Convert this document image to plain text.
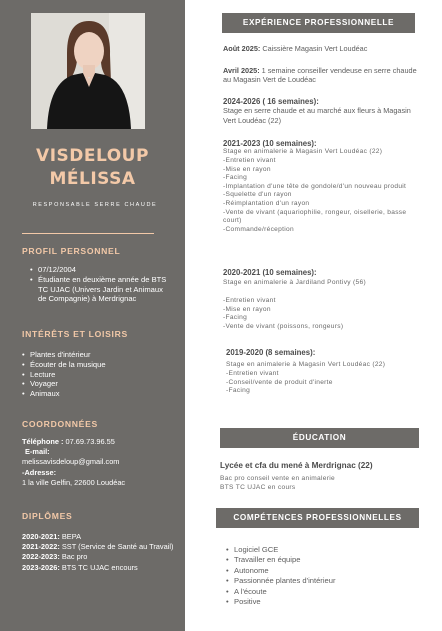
VISDELOUP
MÉLISSA
RESPONSABLE SERRE CHAUDE
PROFIL PERSONNEL
• 07/12/2004
• Étudiante en deuxième année de BTS TC UJAC (Univers Jardin et Animaux de Compagnie) à Merdrignac
INTÉRÊTS ET LOISIRS
• Plantes d'intérieur
• Écouter de la musique
• Lecture
• Voyager
• Animaux
COORDONNÉES
Téléphone : 07.69.73.96.55
E-mail:
melissavisdeloup@gmail.com
-Adresse:
1 la ville Gelfin, 22600 Loudéac
DIPLÔMES
2020-2021: BEPA
2021-2022: SST (Service de Santé au Travail)
2022-2023: Bac pro
2023-2026: BTS TC UJAC encours
EXPÉRIENCE PROFESSIONNELLE
Août 2025: Caissière Magasin Vert Loudéac
Avril 2025: 1 semaine conseiller vendeuse en serre chaude au Magasin Vert de Loudéac
2024-2026 ( 16 semaines):
Stage en serre chaude et au marché aux fleurs à Magasin Vert Loudéac (22)
2021-2023 (10 semaines):
Stage en animalerie à Magasin Vert Loudéac (22)
-Entretien vivant
-Mise en rayon
-Facing
-Implantation d'une tête de gondole/d'un nouveau produit
-Squelette d'un rayon
-Réimplantation d'un rayon
-Vente de vivant (aquariophilie, rongeur, oisellerie, basse court)
-Commande/réception
2020-2021 (10 semaines):
Stage en animalerie à Jardiland Pontivy (56)
-Entretien vivant
-Mise en rayon
-Facing
-Vente de vivant (poissons, rongeurs)
2019-2020 (8 semaines):
Stage en animalerie à Magasin Vert Loudéac (22)
-Entretien vivant
-Conseil/vente de produit d'inerte
-Facing
ÉDUCATION
Lycée et cfa du mené à Merdrignac (22)
Bac pro conseil vente en animalerie
BTS TC UJAC en cours
COMPÉTENCES PROFESSIONNELLES
• Logiciel GCE
• Travailler en équipe
• Autonome
• Passionnée plantes d'intérieur
• A l'écoute
• Positive
